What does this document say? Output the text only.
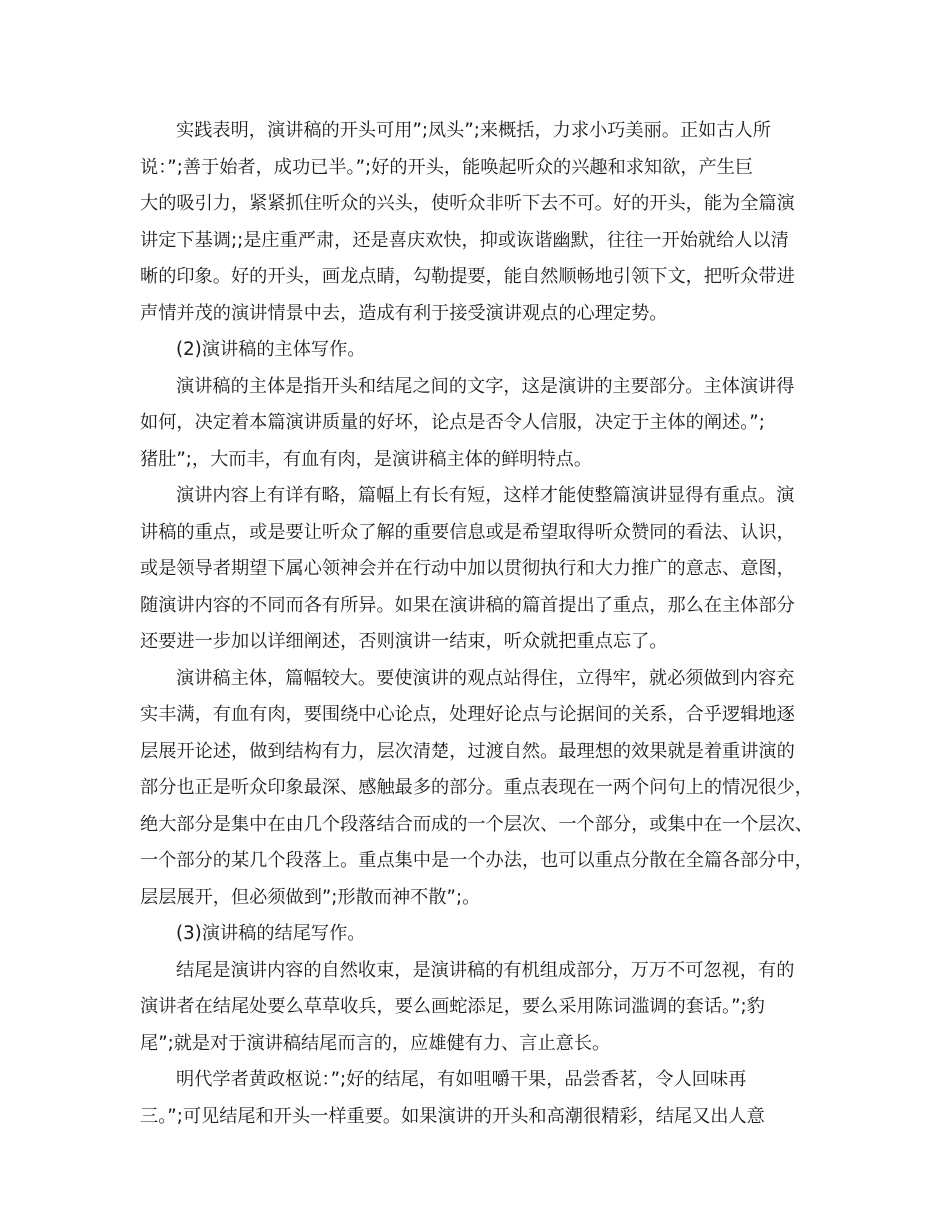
实践表明，演讲稿的开头可用”;凤头”;来概括，力求小巧美丽。正如古人所
说：”;善于始者，成功已半。”;好的开头，能唤起听众的兴趣和求知欲，产生巨
大的吸引力，紧紧抓住听众的兴头，使听众非听下去不可。好的开头，能为全篇演
讲定下基调;;是庄重严肃，还是喜庆欢快，抑或诙谐幽默，往往一开始就给人以清
晰的印象。好的开头，画龙点睛，勾勒提要，能自然顺畅地引领下文，把听众带进
声情并茂的演讲情景中去，造成有利于接受演讲观点的心理定势。
(2)演讲稿的主体写作。
演讲稿的主体是指开头和结尾之间的文字，这是演讲的主要部分。主体演讲得
如何，决定着本篇演讲质量的好坏，论点是否令人信服，决定于主体的阐述。”;
猪肚”;，大而丰，有血有肉，是演讲稿主体的鲜明特点。
演讲内容上有详有略，篇幅上有长有短，这样才能使整篇演讲显得有重点。演
讲稿的重点，或是要让听众了解的重要信息或是希望取得听众赞同的看法、认识，
或是领导者期望下属心领神会并在行动中加以贯彻执行和大力推广的意志、意图，
随演讲内容的不同而各有所异。如果在演讲稿的篇首提出了重点，那么在主体部分
还要进一步加以详细阐述，否则演讲一结束，听众就把重点忘了。
演讲稿主体，篇幅较大。要使演讲的观点站得住，立得牢，就必须做到内容充
实丰满，有血有肉，要围绕中心论点，处理好论点与论据间的关系，合乎逻辑地逐
层展开论述，做到结构有力，层次清楚，过渡自然。最理想的效果就是着重讲演的
部分也正是听众印象最深、感触最多的部分。重点表现在一两个问句上的情况很少，
绝大部分是集中在由几个段落结合而成的一个层次、一个部分，或集中在一个层次、
一个部分的某几个段落上。重点集中是一个办法，也可以重点分散在全篇各部分中，
层层展开，但必须做到”;形散而神不散”;。
(3)演讲稿的结尾写作。
结尾是演讲内容的自然收束，是演讲稿的有机组成部分，万万不可忽视，有的
演讲者在结尾处要么草草收兵，要么画蛇添足，要么采用陈词滥调的套话。”;豹
尾”;就是对于演讲稿结尾而言的，应雄健有力、言止意长。
明代学者黄政枢说：”;好的结尾，有如咀嚼干果，品尝香茗，令人回味再
三。”;可见结尾和开头一样重要。如果演讲的开头和高潮很精彩，结尾又出人意
